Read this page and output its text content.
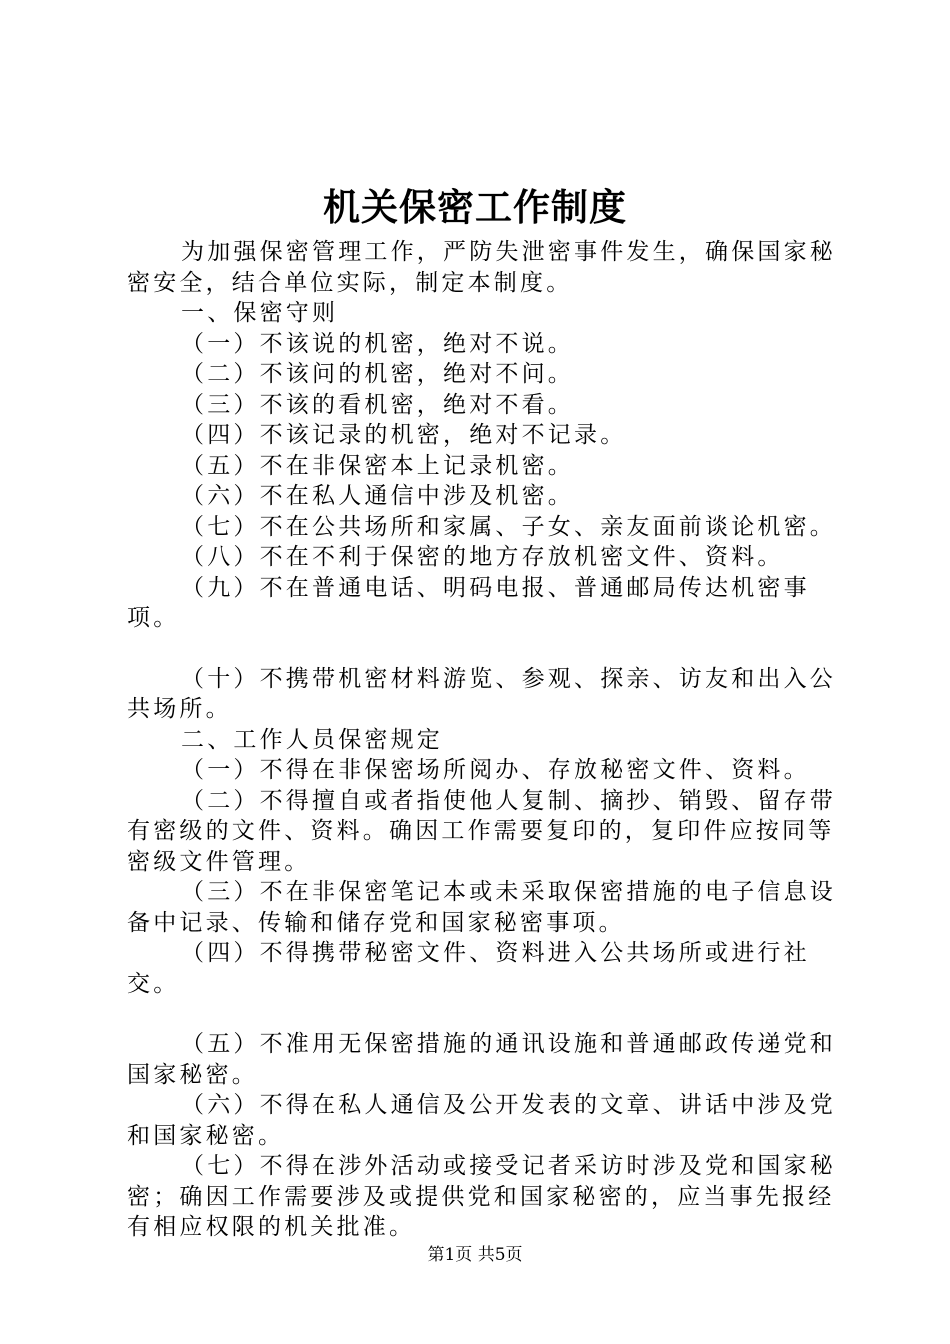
机关保密工作制度

为加强保密管理工作，严防失泄密事件发生，确保国家秘密安全，结合单位实际，制定本制度。

一、保密守则

（一）不该说的机密，绝对不说。

（二）不该问的机密，绝对不问。

（三）不该的看机密，绝对不看。

（四）不该记录的机密，绝对不记录。

（五）不在非保密本上记录机密。

（六）不在私人通信中涉及机密。

（七）不在公共场所和家属、子女、亲友面前谈论机密。

（八）不在不利于保密的地方存放机密文件、资料。

（九）不在普通电话、明码电报、普通邮局传达机密事项。

（十）不携带机密材料游览、参观、探亲、访友和出入公共场所。

二、工作人员保密规定

（一）不得在非保密场所阅办、存放秘密文件、资料。

（二）不得擅自或者指使他人复制、摘抄、销毁、留存带有密级的文件、资料。确因工作需要复印的，复印件应按同等密级文件管理。

（三）不在非保密笔记本或未采取保密措施的电子信息设备中记录、传输和储存党和国家秘密事项。

（四）不得携带秘密文件、资料进入公共场所或进行社交。

（五）不准用无保密措施的通讯设施和普通邮政传递党和国家秘密。

（六）不得在私人通信及公开发表的文章、讲话中涉及党和国家秘密。

（七）不得在涉外活动或接受记者采访时涉及党和国家秘密；确因工作需要涉及或提供党和国家秘密的，应当事先报经有相应权限的机关批准。

第1页 共5页
